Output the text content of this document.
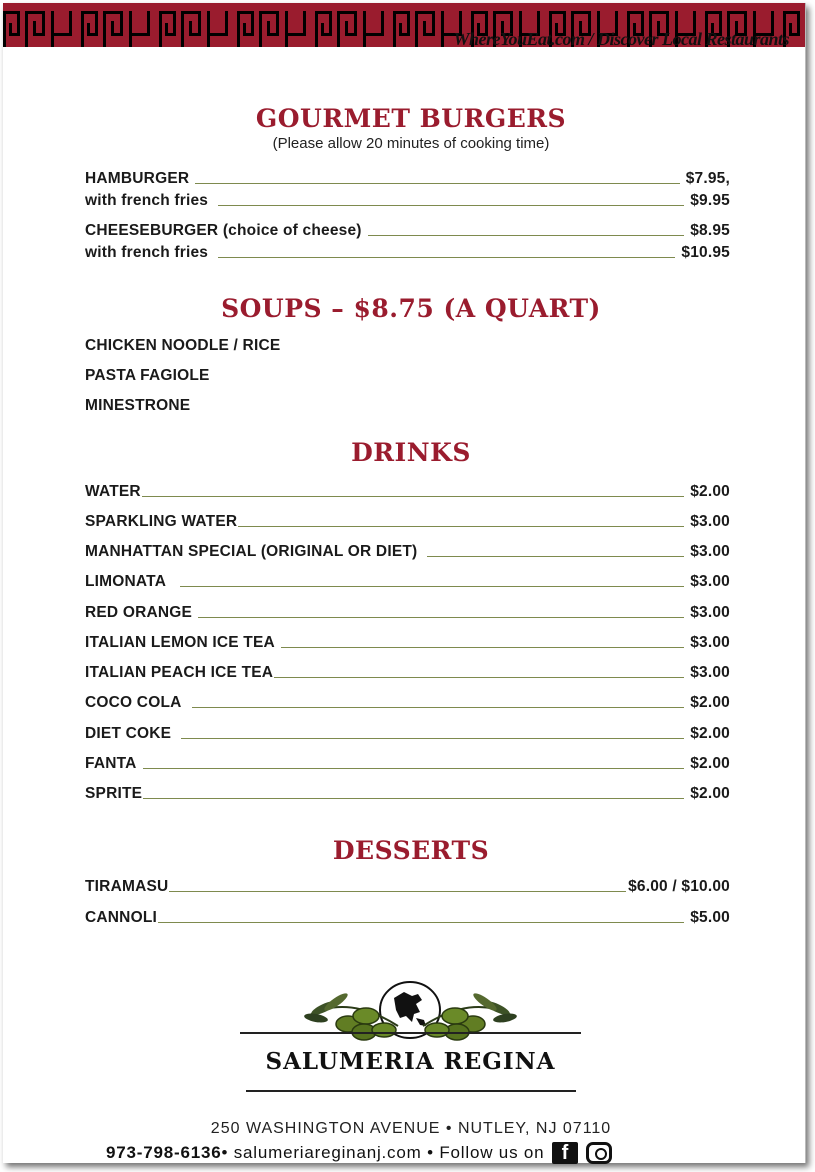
WhereYouEat.com / Discover Local Restaurants
GOURMET BURGERS
(Please allow 20 minutes of cooking time)
HAMBURGER	$7.95,
with french fries	$9.95
CHEESEBURGER (choice of cheese)	$8.95
with french fries	$10.95
SOUPS – $8.75 (A QUART)
CHICKEN NOODLE / RICE
PASTA FAGIOLE
MINESTRONE
DRINKS
WATER	$2.00
SPARKLING WATER	$3.00
MANHATTAN SPECIAL (ORIGINAL OR DIET)	$3.00
LIMONATA	$3.00
RED ORANGE	$3.00
ITALIAN LEMON ICE TEA	$3.00
ITALIAN PEACH ICE TEA	$3.00
COCO COLA	$2.00
DIET COKE	$2.00
FANTA	$2.00
SPRITE	$2.00
DESSERTS
TIRAMASU	$6.00 / $10.00
CANNOLI	$5.00
SALUMERIA REGINA
250 WASHINGTON AVENUE • NUTLEY, NJ 07110
973-798-6136 • salumeriareginanj.com • Follow us on f
